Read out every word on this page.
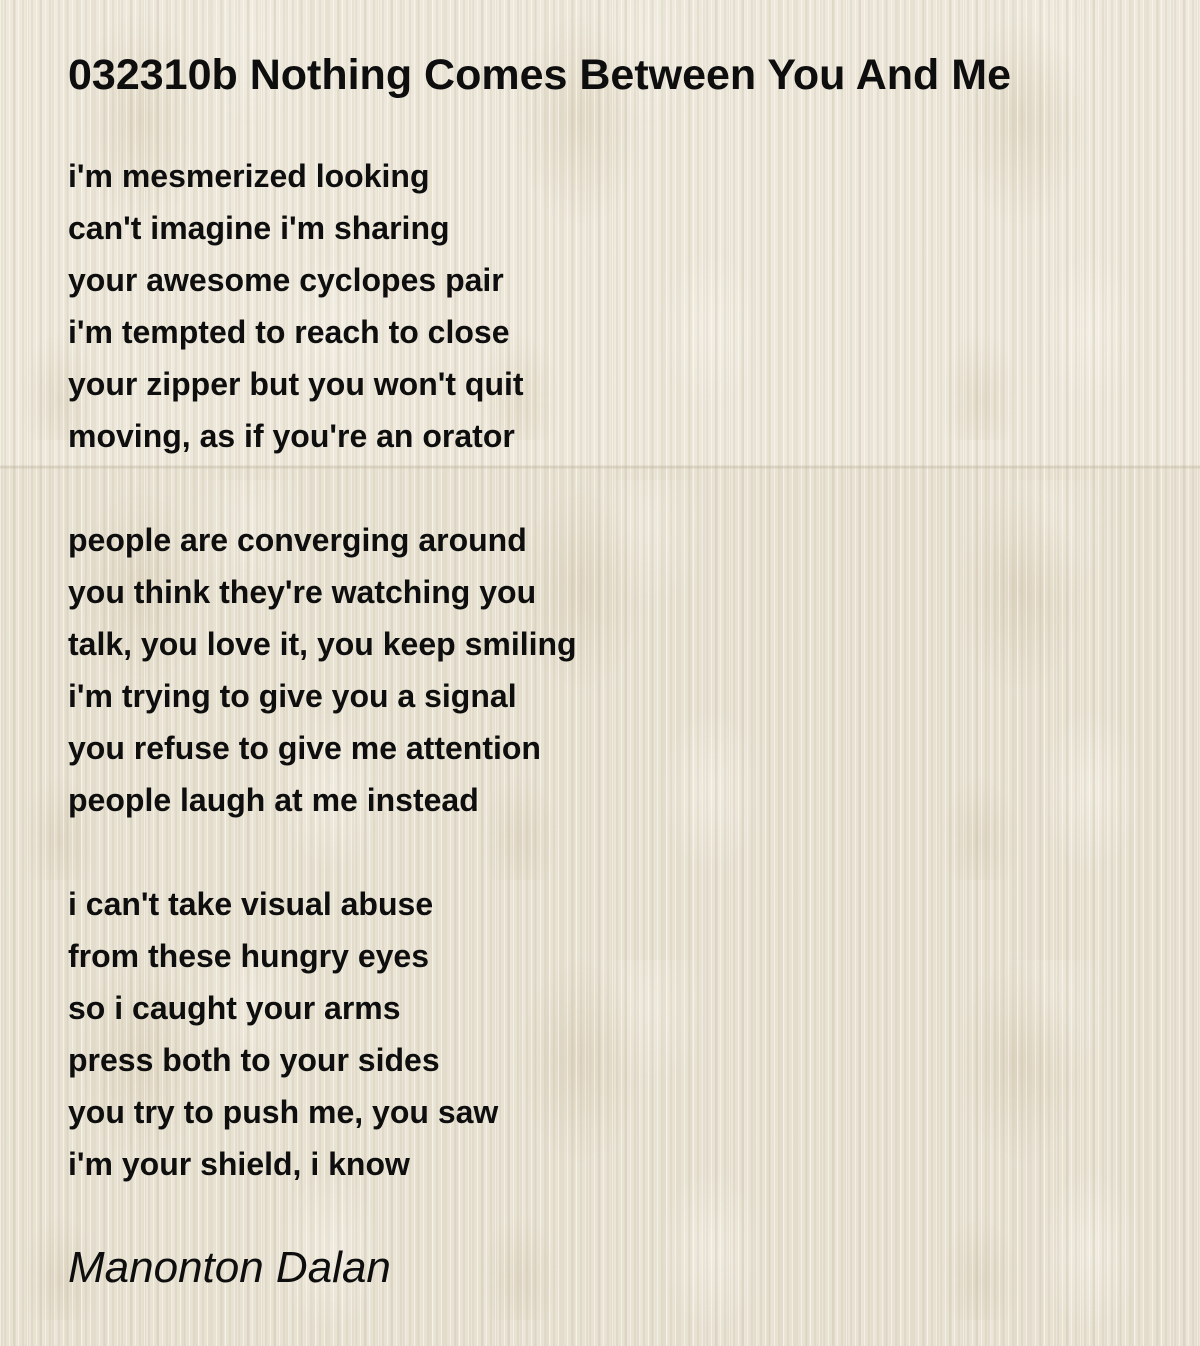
032310b Nothing Comes Between You And Me
i'm mesmerized looking
can't imagine i'm sharing
your awesome cyclopes pair
i'm tempted to reach to close
your zipper but you won't quit
moving, as if you're an orator
people are converging around
you think they're watching you
talk, you love it, you keep smiling
i'm trying to give you a signal
you refuse to give me attention
people laugh at me instead
i can't take visual abuse
from these hungry eyes
so i caught your arms
press both to your sides
you try to push me, you saw
i'm your shield, i know
Manonton Dalan
